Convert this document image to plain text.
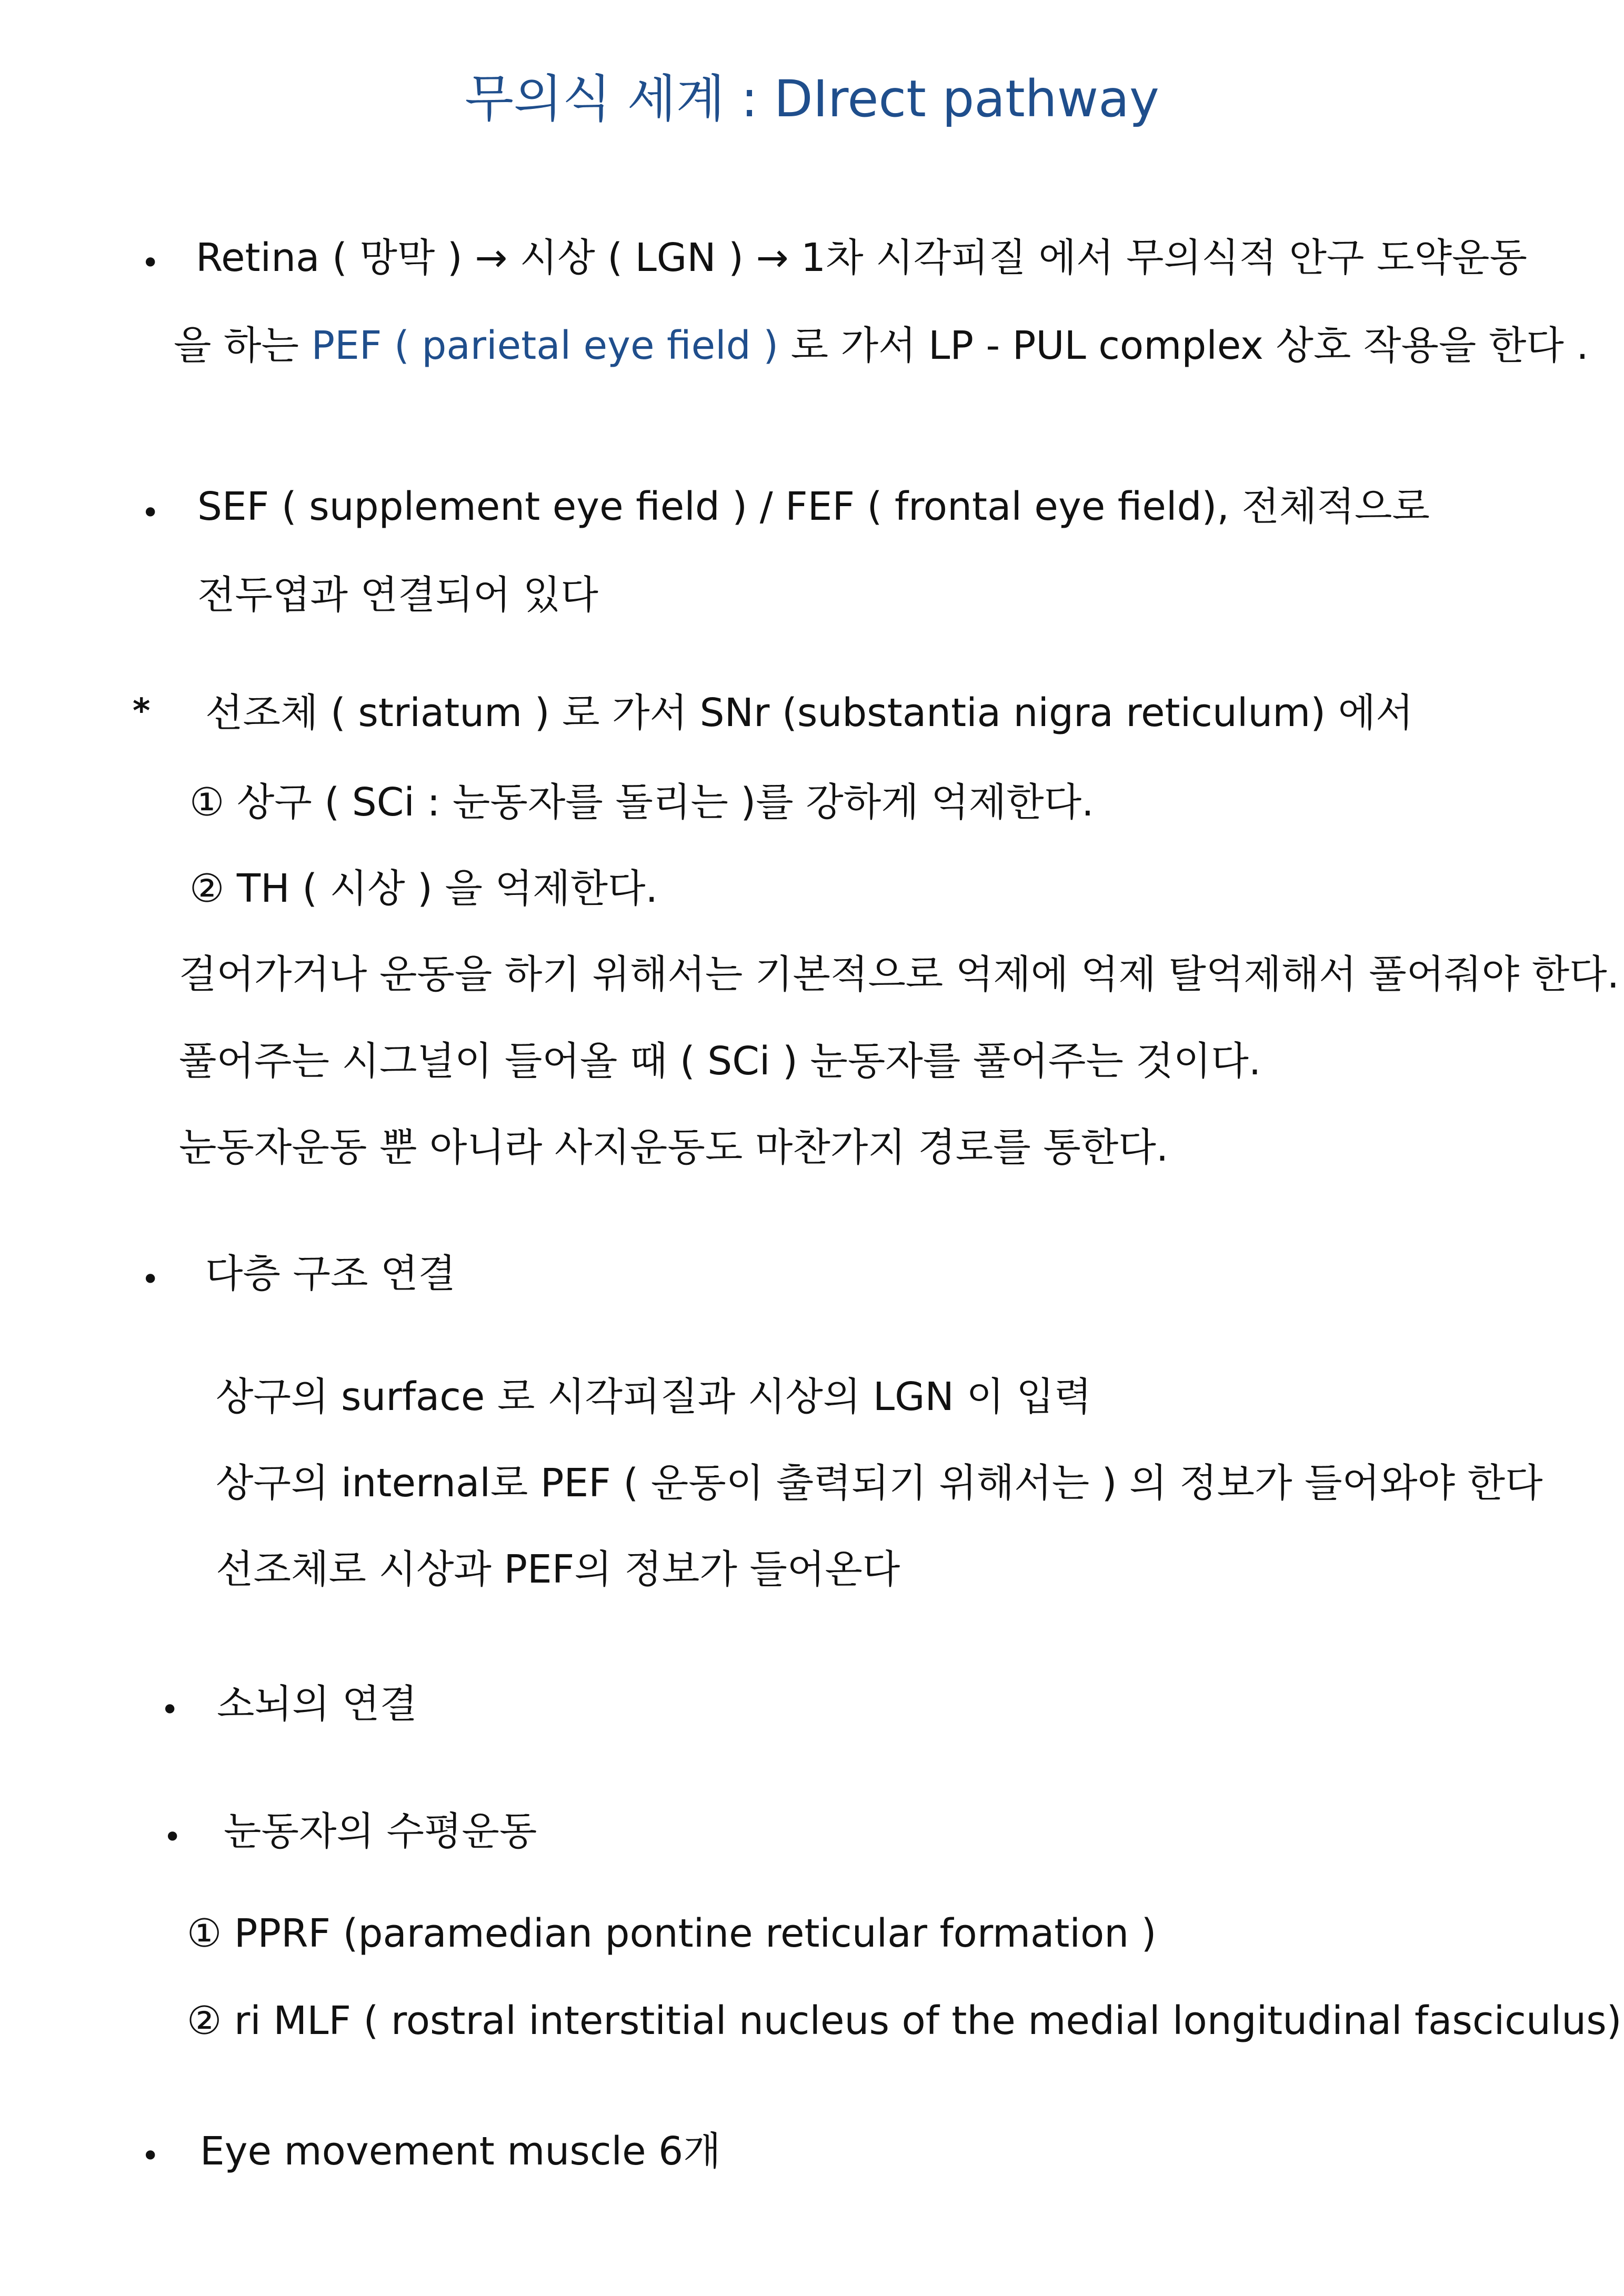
무의식 세계 : DIrect pathway
• Retina ( 망막 ) → 시상 ( LGN ) → 1차 시각피질 에서 무의식적 안구 도약운동
을 하는 PEF ( parietal eye field ) 로 가서 LP - PUL complex 상호 작용을 한다 .
• SEF ( supplement eye field ) / FEF ( frontal eye field), 전체적으로
전두엽과 연결되어 있다
* 선조체 ( striatum ) 로 가서 SNr (substantia nigra reticulum) 에서
① 상구 ( SCi : 눈동자를 돌리는 )를 강하게 억제한다.
② TH ( 시상 ) 을 억제한다.
걸어가거나 운동을 하기 위해서는 기본적으로 억제에 억제 탈억제해서 풀어줘야 한다.
풀어주는 시그널이 들어올 때 ( SCi ) 눈동자를 풀어주는 것이다.
눈동자운동 뿐 아니라 사지운동도 마찬가지 경로를 통한다.
• 다층 구조 연결
상구의 surface 로 시각피질과 시상의 LGN 이 입력
상구의 internal로 PEF ( 운동이 출력되기 위해서는 ) 의 정보가 들어와야 한다
선조체로 시상과 PEF의 정보가 들어온다
• 소뇌의 연결
• 눈동자의 수평운동
① PPRF (paramedian pontine reticular formation )
② ri MLF ( rostral interstitial nucleus of the medial longitudinal fasciculus)
• Eye movement muscle 6개
